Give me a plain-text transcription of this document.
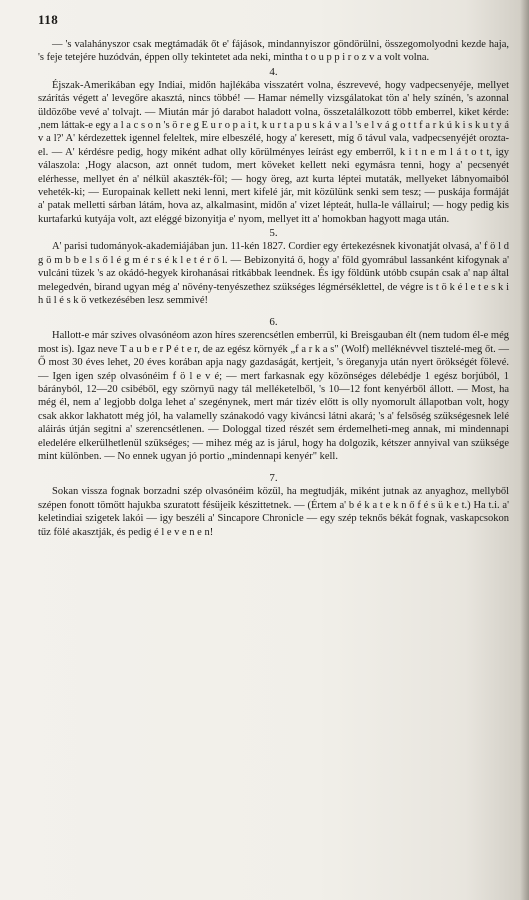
118

— 's valahányszor csak megtámadák őt e' fájások, mindannyiszor göndörülni, összegomolyodni kezde haja, 's feje tetejére huzódván, éppen olly tekintetet ada neki, mintha t o u p p i r o z v a volt volna.

4.

Éjszak-Amerikában egy Indiai, midőn hajlékába visszatért volna, észrevevé, hogy vadpecsenyéje, mellyet szárítás végett a' levegőre akasztá, nincs többé! — Hamar némelly vizsgálatokat tön a' hely színén, 's azonnal üldözőbe vevé a' tolvajt. — Miután már jó darabot haladott volna, összetalálkozott több emberrel, kiket kérde: ,nem láttak-e egy a l a c s o n 's ö r e g E u r o p a i t, k u r t a p u s k á v a l 's e l v á g o t t f a r k ú k i s k u t y á v a l?' A' kérdezettek igennel feleltek, mire elbeszélé, hogy a' keresett, míg ő távul vala, vadpecsenyéjét orozta-el. — A' kérdésre pedig, hogy miként adhat olly körülményes leírást egy emberről, k i t n e m l á t o t t, igy válaszola: ,Hogy alacson, azt onnét tudom, mert köveket kellett neki egymásra tenni, hogy a' pecsenyét elérhesse, mellyet én a' nélkül akaszték-föl; — hogy öreg, azt kurta léptei mutaták, mellyeket lábnyomaiból veheték-ki; — Europainak kellett neki lenni, mert kifelé jár, mit közülünk senki sem tesz; — puskája formáját a' patak melletti sárban látám, hova az, alkalmasint, midőn a' vizet lépteát, hulla-le vállairul; — hogy pedig kis kurtafarkú kutyája volt, azt eléggé bizonyitja e' nyom, mellyet itt a' homokban hagyott maga után.

5.

A' parisi tudományok-akademiájában jun. 11-kén 1827. Cordier egy értekezésnek kivonatját olvasá, a' f ö l d g ö m b b e l s ő l é g m é r s é k l e t é r ő l. — Bebizonyitá ő, hogy a' föld gyomrábul lassanként kifogynak a' vulcáni tüzek 's az okádó-hegyek kirohanásai ritkábbak leendnek. És igy földünk utóbb csupán csak a' nap által melegedvén, birand ugyan még a' növény-tenyészethez szükséges légmérséklettel, de végre is t ö k é l e t e s k i h ű l é s k ö vetkezésében lesz semmivé!

6.

Hallott-e már szives olvasónéom azon híres szerencsétlen emberrül, ki Breisgauban élt (nem tudom él-e még most is). Igaz neve T a u b e r P é t e r, de az egész környék „f a r k a s" (Wolf) melléknévvel tisztelé-meg őt. — Ő most 30 éves lehet, 20 éves korában apja nagy gazdaságát, kertjeit, 's öreganyja után nyert örökségét fölevé. — Igen igen szép olvasónéim f ö l e v é; — mert farkasnak egy közönséges délebédje 1 egész borjúból, 1 bárányból, 12—20 csibéből, egy szörnyű nagy tál melléketelből, 's 10—12 font kenyérből állott. — Most, ha még él, nem a' legjobb dolga lehet a' szegénynek, mert már tizév előtt is olly nyomorult állapotban volt, hogy csak akkor lakhatott még jól, ha valamelly szánakodó vagy kiváncsi látni akará; 's a' felsőség szükségesnek lelé aláirás útján segitni a' szerencsétlenen. — Dologgal tized részét sem érdemelheti-meg annak, mi mindennapi eledelére elkerülhetlenül szükséges; — mihez még az is járul, hogy ha dolgozik, kétszer annyival van szüksége mint különben. — No ennek ugyan jó portio „mindennapi kenyér" kell.

7.

Sokan vissza fognak borzadni szép olvasónéim közül, ha megtudják, miként jutnak az anyaghoz, mellyből szépen fonott tömött hajukba szuratott fésüjeik készittetnek. — (Értem a' b é k a t e k n ő f é s ü k e t.) Ha t.i. a' keletindiai szigetek lakói — igy beszéli a' Sincapore Chronicle — egy szép teknős békát fognak, vaskapcsokon tűz fölé akasztják, és pedig é l e v e n e n!
